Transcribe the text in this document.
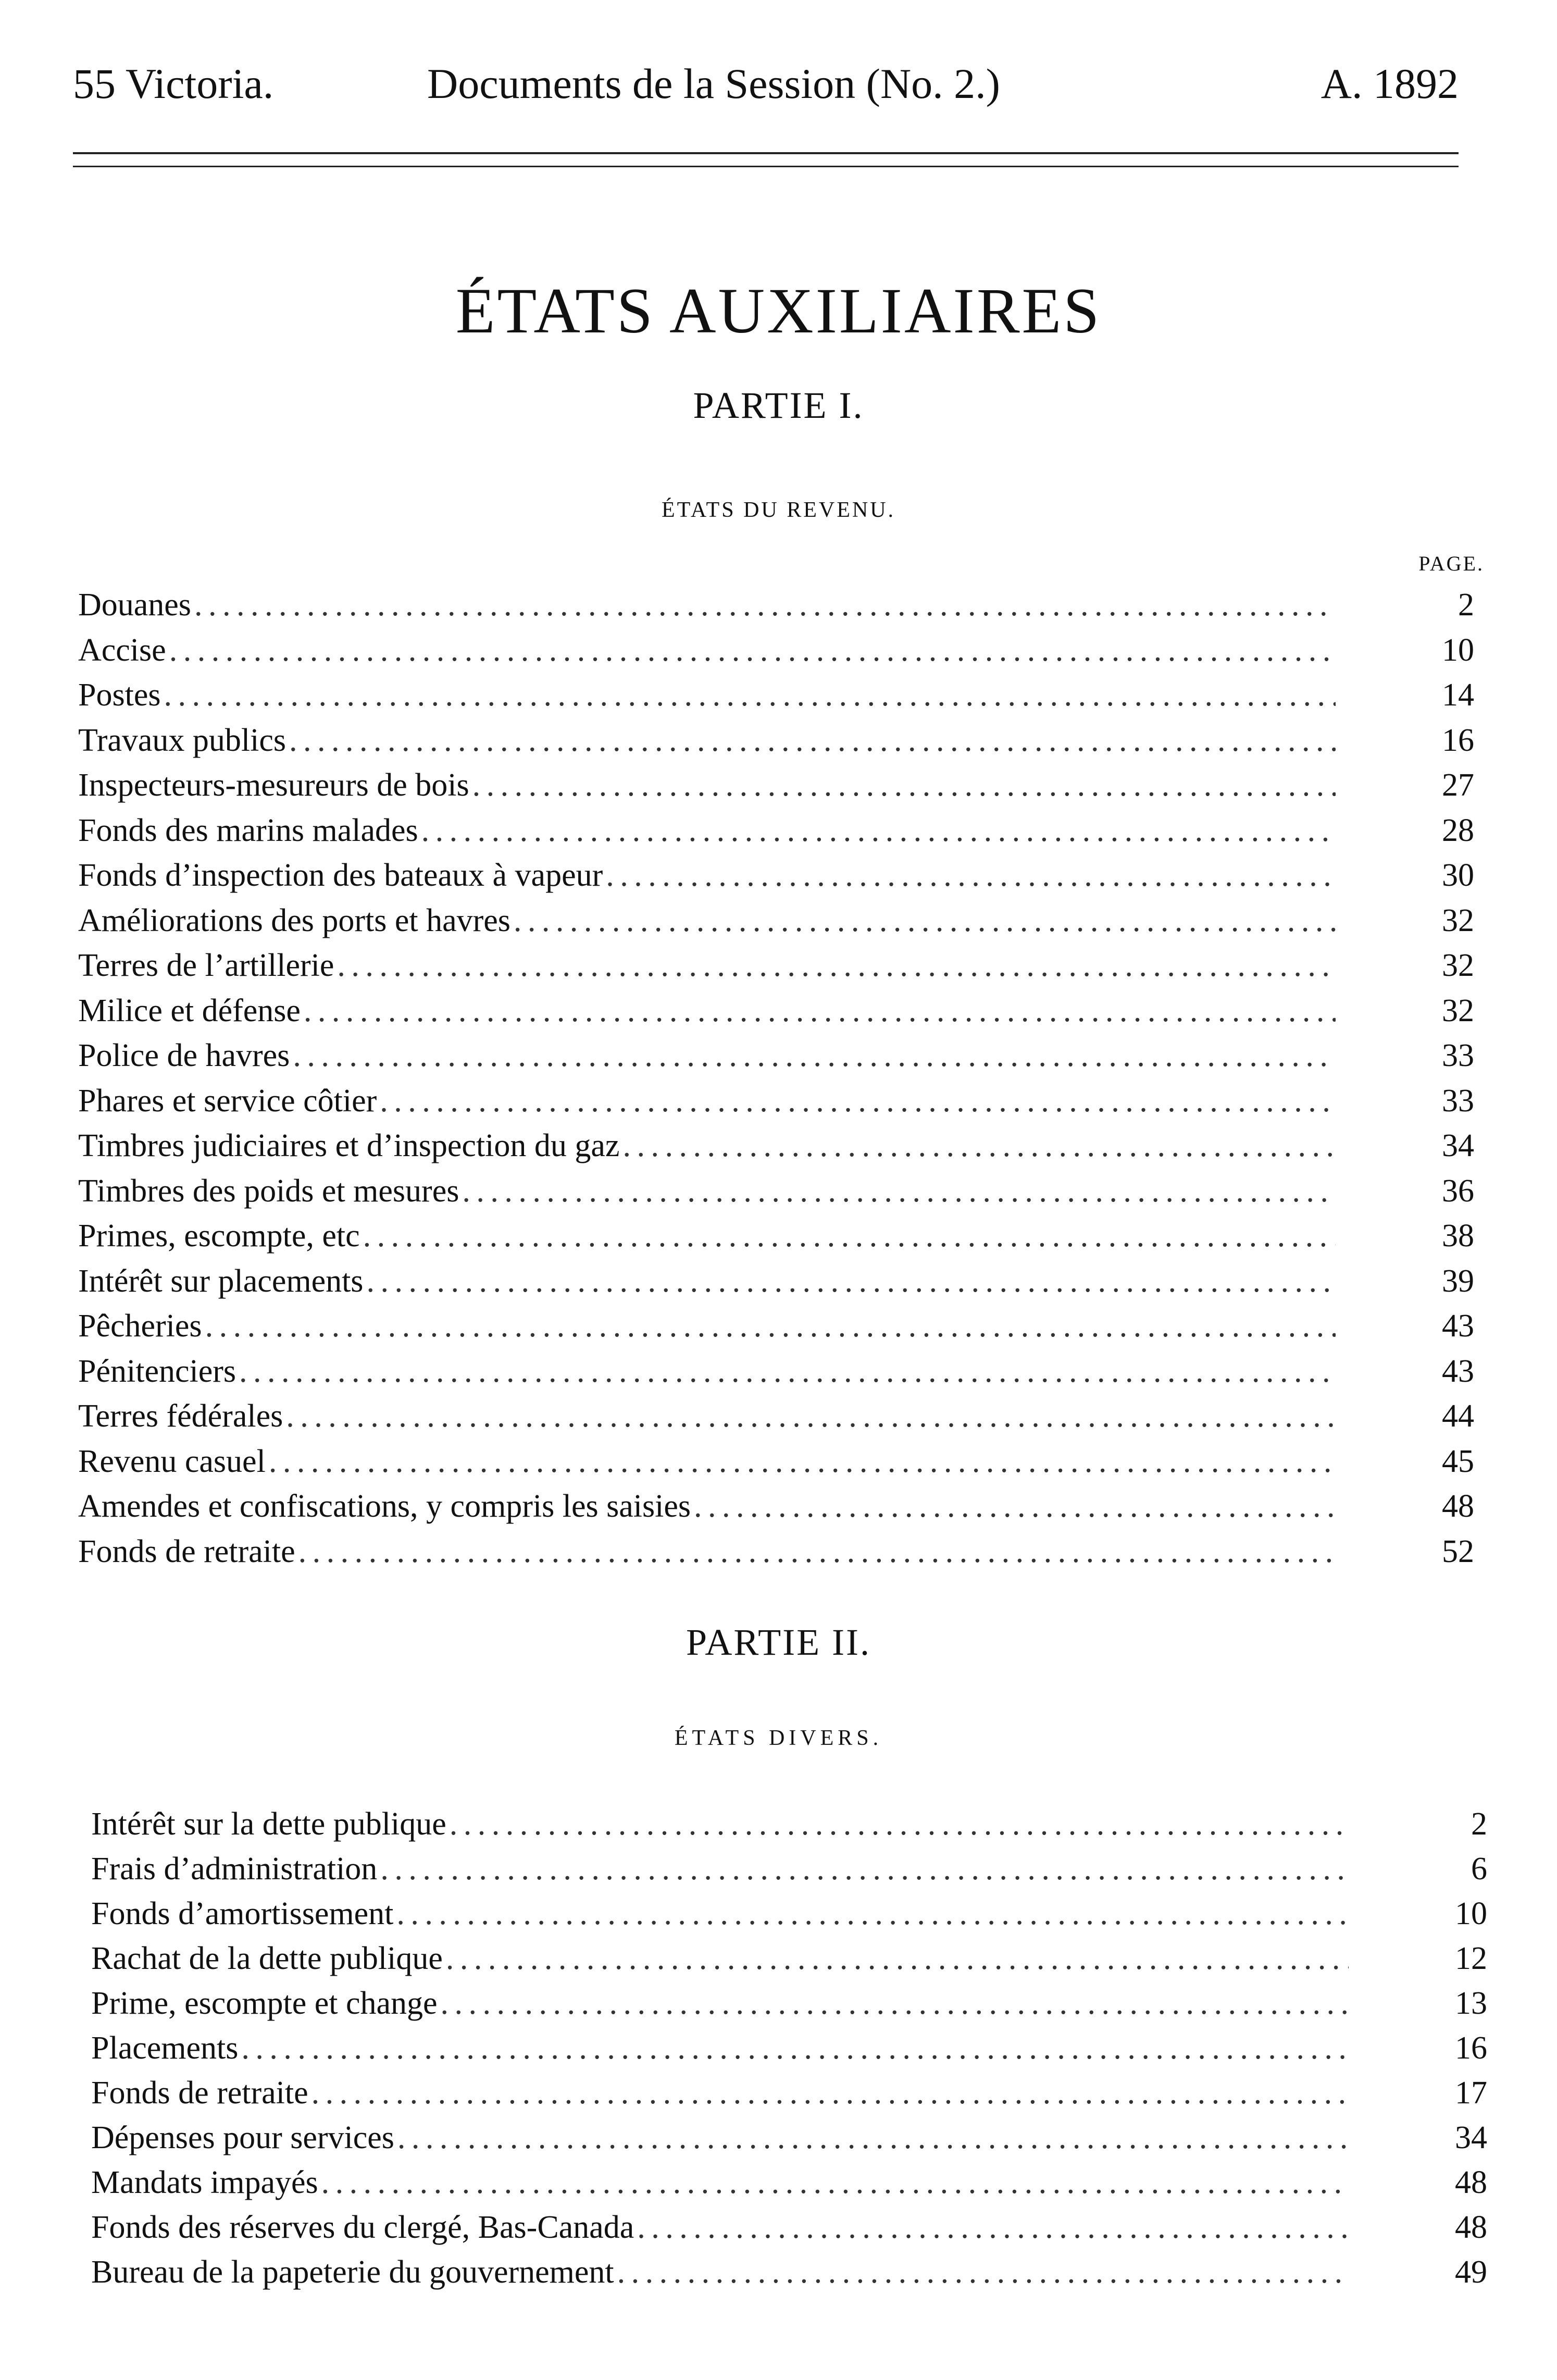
55 Victoria.	Documents de la Session (No. 2.)	A. 1892
ÉTATS AUXILIAIRES
PARTIE I.
ÉTATS DU REVENU.
PAGE.
Douanes . . .	2
Accise . . .	10
Postes . . .	14
Travaux publics . . .	16
Inspecteurs-mesureurs de bois . . .	27
Fonds des marins malades . . .	28
Fonds d’inspection des bateaux à vapeur . . .	30
Améliorations des ports et havres . . .	32
Terres de l’artillerie . . .	32
Milice et défense . . .	32
Police de havres . . .	33
Phares et service côtier . . .	33
Timbres judiciaires et d’inspection du gaz . . .	34
Timbres des poids et mesures . . .	36
Primes, escompte, etc . . .	38
Intérêt sur placements . . .	39
Pêcheries . . .	43
Pénitenciers . . .	43
Terres fédérales . . .	44
Revenu casuel . . .	45
Amendes et confiscations, y compris les saisies . . .	48
Fonds de retraite . . .	52
PARTIE II.
ÉTATS DIVERS.
Intérêt sur la dette publique . . .	2
Frais d’administration . . .	6
Fonds d’amortissement . . .	10
Rachat de la dette publique . . .	12
Prime, escompte et change . . .	13
Placements . . .	16
Fonds de retraite . . .	17
Dépenses pour services . . .	34
Mandats impayés . . .	48
Fonds des réserves du clergé, Bas-Canada . . .	48
Bureau de la papeterie du gouvernement . . .	49
